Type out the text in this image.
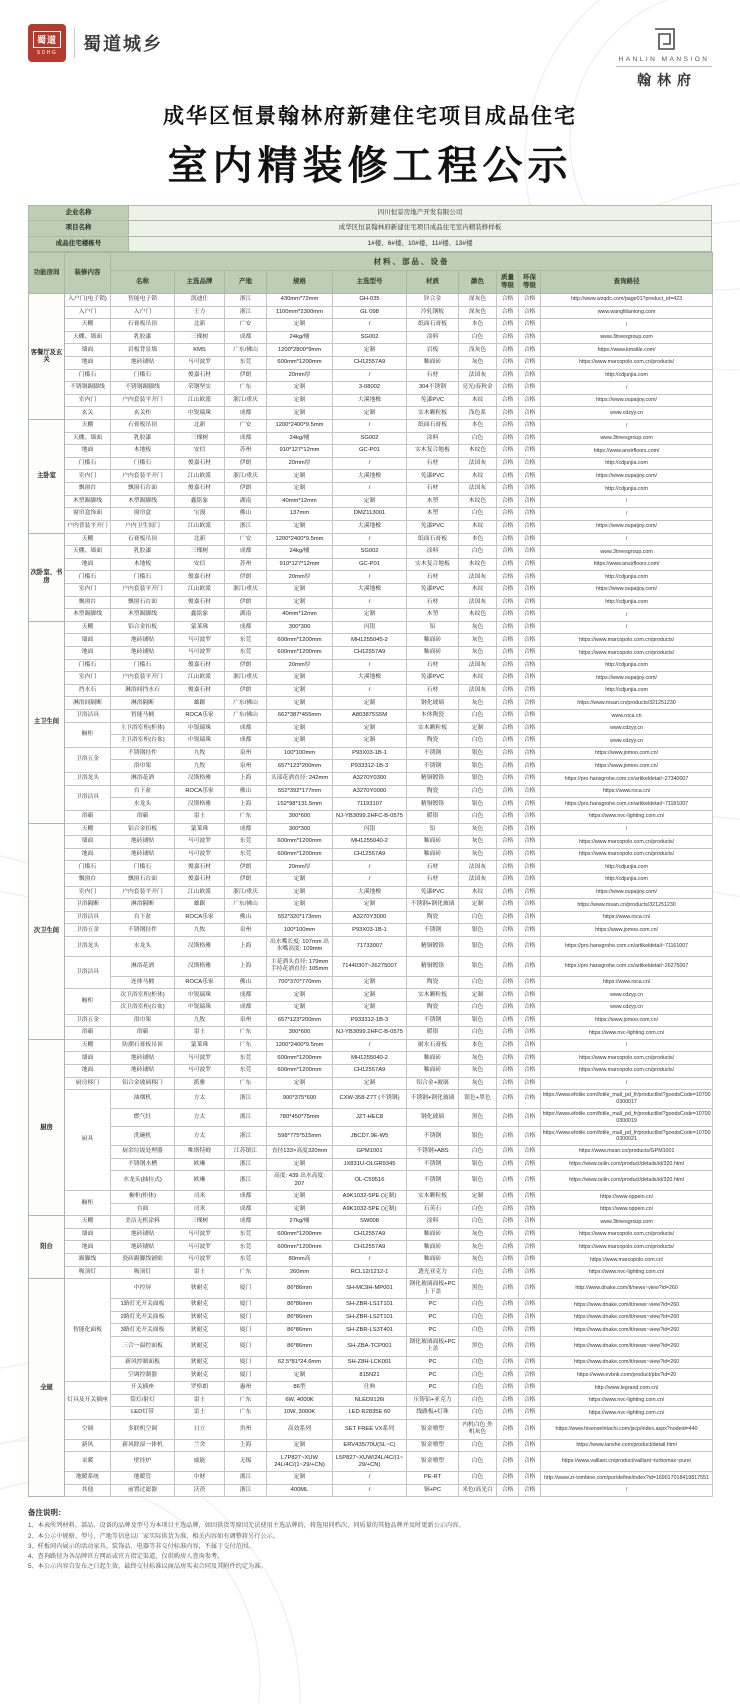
蜀道
SDHG 蜀道城乡
HANLIN MANSION
翰林府
成华区恒景翰林府新建住宅项目成品住宅
室内精装修工程公示
企业名称	四川恒景房地产开发有限公司
项目名称	成华区恒景翰林府新建住宅项目成品住宅室内精装修样板
成品住宅楼栋号	1#楼、6#楼、10#楼、11#楼、13#楼
功能房间	装修内容	材料、部品、设备									
		名称	主选品牌	产地	规格	主选型号	材质	颜色	质量等级	环保等级	查询路径
客餐厅及玄关	入户门(电子锁)	智能电子锁	凯迪仕	浙江	430mm*72mm	GH-035	锌合金	深灰色	合格	合格	http://www.wzqdc.com/page01?product_id=423
	入户门	入户门	王力	浙江	1100mm*2300mm	GL 098	冷轧钢板	深灰色	合格	合格	www.wanglitianlong.com
	天棚	石膏板吊顶	北新	广安	定制	/	纸面石膏板	本色	合格	合格	/
	天棚、墙面	乳胶漆	三棵树	成都	24kg/桶	SG002	涂料	白色	合格	合格	www.3treesgroup.com
	墙面	岩板背景墙	KMS	广东/佛山	1200*2800*9mm	定制	岩板	浅灰色	合格	合格	https://www.kmstile.com/
	地面	地砖铺贴	马可波罗	东莞	600mm*1200mm	CH12557A9	釉面砖	灰色	合格	合格	https://www.marcopolo.com.cn/products/
	门槛石	门槛石	俊嘉石材	伊朗	20mm厚	/	石材	法国灰	合格	合格	http://cdjunjia.com
	不锈钢踢脚线	不锈钢踢脚线	荣钢坚实	广东	定制	3-08002	304不锈钢	亮光/春秋金	合格	合格	/
	室内门	户内套装平开门	江山欧派	浙江/重庆	定制	大溪地橡	免漆PVC	木纹	合格	合格	https://www.oupaijoy.com/
	玄关	玄关柜	中锐瑞珠	成都	定制	定制	实木颗粒板	浅色系	合格	合格	www.cdzyy.cn
主卧室	天棚	石膏板吊顶	北新	广安	1200*2400*9.5mm	/	纸面石膏板	本色	合格	合格	/
	天棚、墙面	乳胶漆	三棵树	成都	24kg/桶	SG002	涂料	白色	合格	合格	www.3treesgroup.com
	地面	木地板	安信	苏州	910*127*12mm	GC-P01	实木复合地板	木纹色	合格	合格	https://www.ansirfloors.com/
	门槛石	门槛石	俊嘉石材	伊朗	20mm厚	/	石材	法国灰	合格	合格	http://cdjunjia.com
	室内门	户内套装平开门	江山欧派	浙江/重庆	定制	大溪地橡	免漆PVC	木纹	合格	合格	https://www.oupaijoy.com/
	飘窗台	飘窗石台面	俊嘉石材	伊朗	定制	/	石材	法国灰	合格	合格	http://cdjunjia.com
	木塑踢脚线	木塑踢脚线	鑫铭象	湖南	40mm*12mm	定制	木塑	木纹色	合格	合格	/
	窗帘盒饰面	窗帘盒	宝漫	佛山	137mm	DMZ113001	木塑	白色	合格	合格	/
	户内普装平开门	户内卫生间门	江山欧派	浙江	定制	大溪地橡	免漆PVC	木纹	合格	合格	https://www.oupaijoy.com/
次卧室、书房	天棚	石膏板吊顶	北新	广安	1200*2400*9.5mm	/	纸面石膏板	本色	合格	合格	/
	天棚、墙面	乳胶漆	三棵树	成都	24kg/桶	SG002	涂料	白色	合格	合格	www.3treesgroup.com
	地面	木地板	安信	苏州	910*127*12mm	GC-P01	实木复合地板	木纹色	合格	合格	https://www.ansirfloors.com/
	门槛石	门槛石	俊嘉石材	伊朗	20mm厚	/	石材	法国灰	合格	合格	http://cdjunjia.com
	室内门	户内套装平开门	江山欧派	浙江/重庆	定制	大溪地橡	免漆PVC	木纹	合格	合格	https://www.oupaijoy.com/
	飘窗台	飘窗石台面	俊嘉石材	伊朗	定制	/	石材	法国灰	合格	合格	http://cdjunjia.com
	木塑踢脚线	木塑踢脚线	鑫铭象	湖南	40mm*12mm	定制	木塑	木纹色	合格	合格	/
主卫生间	天棚	铝合金扣板	蒙莱珠	成都	300*300	闪银	铝	灰色	合格	合格	/
	墙面	地砖铺贴	马可波罗	东莞	600mm*1200mm	MH1255045-2	釉面砖	灰色	合格	合格	https://www.marcopolo.com.cn/products/
	地面	地砖铺贴	马可波罗	东莞	600mm*1200mm	CH12557A9	釉面砖	灰色	合格	合格	https://www.marcopolo.com.cn/products/
	门槛石	门槛石	俊嘉石材	伊朗	20mm厚	/	石材	法国灰	合格	合格	http://cdjunjia.com
	室内门	户内套装平开门	江山欧派	浙江/重庆	定制	大溪地橡	免漆PVC	木纹	合格	合格	https://www.oupaijoy.com/
	挡水石	淋浴间挡水石	俊嘉石材	伊朗	定制	/	石材	法国灰	合格	合格	http://cdjunjia.com
	淋浴间隔断	淋浴隔断	雄踞	广东/佛山	定制	定制	钢化玻璃	灰色	合格	合格	https://www.msan.cn/products/321251230
	卫浴洁具	智能马桶	ROCA乐家	广东/佛山	662*387*455mm	A803875S5M	本体陶瓷	白色	合格	合格	www.roca.cn
	橱柜	主卫浴室柜(柜体)	中锐瑞珠	成都	定制	定制	实木颗粒板	定制	合格	合格	www.cdzyy.cn
		主卫浴室柜(台盆)	中锐瑞珠	成都	定制	定制	陶瓷	白色	合格	合格	www.cdzyy.cn
	卫浴五金	不锈钢挂件	九牧	泉州	100*100mm	P93X03-1B-1	不锈钢	银色	合格	合格	https://www.jomoo.com.cn/
		浴巾架	九牧	泉州	657*123*200mm	P933312-1B-3	不锈钢	银色	合格	合格	https://www.jomoo.com.cn/
	卫浴龙头	淋浴花洒	汉斯格雅	上海	头部花洒直径: 242mm	A3270Y0300	精铜镀铬	银色	合格	合格	https://pro.hansgrohe.com.cn/artikeldetail~27340007
	卫浴洁具	台下盆	ROCA乐家	佛山	552*392*177mm	A3270Y0000	陶瓷	白色	合格	合格	https://www.roca.cn/
		水龙头	汉斯格雅	上海	152*98*131.5mm	71193107	精铜镀铬	银色	合格	合格	https://pro.hansgrohe.com.cn/artikeldetail~71181007
	浴霸	浴霸	雷士	广东	300*600	NJ-YB3099.2HFC-B-0575	暖银	白色	合格	合格	https://www.nvc-lighting.com.cn/
次卫生间	天棚	铝合金扣板	蒙莱珠	成都	300*300	闪银	铝	灰色	合格	合格	/
	墙面	地砖铺贴	马可波罗	东莞	600mm*1200mm	MH1255040-2	釉面砖	灰色	合格	合格	https://www.marcopolo.com.cn/products/
	地面	地砖铺贴	马可波罗	东莞	600mm*1200mm	CH12557A9	釉面砖	灰色	合格	合格	https://www.marcopolo.com.cn/products/
	门槛石	门槛石	俊嘉石材	伊朗	20mm厚	/	石材	法国灰	合格	合格	http://cdjunjia.com
	飘窗台	飘窗石台面	俊嘉石材	伊朗	定制	/	石材	法国灰	合格	合格	http://cdjunjia.com
	室内门	户内套装平开门	江山欧派	浙江/重庆	定制	大溪地橡	免漆PVC	木纹	合格	合格	https://www.oupaijoy.com/
	卫浴隔断	淋浴隔断	雄踞	广东/佛山	定制	定制	不锈钢+钢化玻璃	定制	合格	合格	https://www.msan.cn/products/321251230
	卫浴洁具	台下盆	ROCA乐家	佛山	552*320*173mm	A3270Y3000	陶瓷	白色	合格	合格	https://www.roca.cn/
	卫浴五金	不锈钢挂件	九牧	泉州	100*100mm	P93X03-1B-1	不锈钢	银色	合格	合格	https://www.jomoo.com.cn/
	卫浴龙头	水龙头	汉斯格雅	上海	出水嘴长度: 107mm 出水嘴高度: 109mm	71733007	精铜镀铬	银色	合格	合格	https://pro.hansgrohe.com.cn/artikeldetail~71161007
	卫浴洁具	淋浴花洒	汉斯格雅	上海	主花洒头直径: 179mm 手持花洒直径: 105mm	71440307~26275007	精铜镀铬	银色	合格	合格	https://pro.hansgrohe.com.cn/artikeldetail~26275007
		连体马桶	ROCA乐家	佛山	700*370*770mm	定制	陶瓷	白色	合格	合格	https://www.roca.cn/
	橱柜	次卫浴室柜(柜体)	中锐瑞珠	成都	定制	定制	实木颗粒板	定制	合格	合格	www.cdzyy.cn
		次卫浴室柜(台盆)	中锐瑞珠	成都	定制	定制	陶瓷	白色	合格	合格	www.cdzyy.cn
	卫浴五金	浴巾架	九牧	泉州	657*123*200mm	P933312-1B-3	不锈钢	银色	合格	合格	https://www.jomoo.com.cn/
	浴霸	浴霸	雷士	广东	300*600	NJ-YB3099.2HFC-B-0575	暖银	白色	合格	合格	https://www.nvc-lighting.com.cn/
厨房	天棚	防潮石膏板吊顶	蒙莱珠	广东	1200*2400*9.5mm	/	耐水石膏板	本色	合格	合格	/
	墙面	地砖铺贴	马可波罗	东莞	600mm*1200mm	MH1255040-2	釉面砖	灰色	合格	合格	https://www.marcopolo.com.cn/products/
	地面	地砖铺贴	马可波罗	东莞	600mm*1200mm	CH12557A9	釉面砖	灰色	合格	合格	https://www.marcopolo.com.cn/products/
	厨房移门	铝合金玻璃移门	派雅	广东	定制	定制	铝合金+玻璃	灰色	合格	合格	/
	厨具	油烟机	方太	浙江	900*375*600	CXW-358-Z7T (不锈钢)	不锈钢+钢化玻璃	银色+黑色	合格	合格	https://www.efotile.com/fotile_mall_pd_fr/productlist?goodsCode=107000300017
		燃气灶	方太	浙江	780*450*75mm	JZT-HEC8	钢化玻璃	黑色	合格	合格	https://www.efotile.com/fotile_mall_pd_fr/productlist?goodsCode=107000300019
		洗碗机	方太	浙江	598*775*515mm	JBCD7.9E-W5	不锈钢	银色	合格	合格	https://www.efotile.com/fotile_mall_pd_fr/productlist?goodsCode=107000300021
		厨余垃圾处理器	唯斯特姆	江苏镇江	直径133×高度320mm	GPM1001	不锈钢+ABS	白色	合格	合格	https://www.msan.cn/products/GPM1001
		不锈钢水槽	欧琳	浙江	定制	JX831U-OLGR9345	不锈钢	银色	合格	合格	https://www.oulin.com/product/details/id/320.html
		水龙头(抽拉式)	欧琳	浙江	高度: 439 出水高度: 207	OL-C59516	不锈钢	银色	合格	合格	https://www.oulin.com/product/details/id/320.html
	橱柜	橱柜(柜体)	司米	成都	定制	A9K1032-5PE (定制)	实木颗粒板	定制	合格	合格	https://www.oppein.cn/
		台面	司米	成都	定制	A9K1032-5PE (定制)	石英石	白色	合格	合格	https://www.oppein.cn/
阳台	天棚	美洁无机涂料	三棵树	成都	27kg/桶	SW008	涂料	白色	合格	合格	www.3treesgroup.com
	墙面	地砖铺贴	马可波罗	东莞	600mm*1200mm	CH12557A9	釉面砖	灰色	合格	合格	https://www.marcopolo.com.cn/products/
	地面	地砖铺贴	马可波罗	东莞	600mm*1200mm	CH12557A9	釉面砖	灰色	合格	合格	https://www.marcopolo.com.cn/products/
	踢脚线	瓷砖踢脚线铺贴	马可波罗	东莞	80mm高	/	釉面砖	灰色	合格	合格	https://www.marcopolo.com.cn/
	吸顶灯	吸顶灯	雷士	广东	260mm	RCL12/1212-1	透光亚克力	白色	合格	合格	https://www.nvc-lighting.com.cn/
全屋	智能化面板	中控屏	狄耐克	厦门	86*86mm	SH-MC9H-MP001	钢化玻璃面板+PC上下盖	黑色	合格	合格	http://www.dnake.com/it/news~view?id=260
		1路灯光开关面板	狄耐克	厦门	86*86mm	SH-ZBR-LS1T101	PC	白色	合格	合格	https://www.dnake.com/it/news~view?id=260
		2路灯光开关面板	狄耐克	厦门	86*86mm	SH-ZBR-LS2T101	PC	白色	合格	合格	https://www.dnake.com/it/news~view?id=260
		3路灯光开关面板	狄耐克	厦门	86*86mm	SH-ZBR-LS3T401	PC	白色	合格	合格	https://www.dnake.com/it/news~view?id=260
		三合一温控面板	狄耐克	厦门	86*86mm	SH-ZBA-TCP001	钢化玻璃面板+PC上盖	黑色	合格	合格	https://www.dnake.com/it/news~view?id=260
		新风控制面板	狄耐克	厦门	62.5*81*24.6mm	SH-Z8H-LCK001	PC	白色	合格	合格	https://www.dnake.com/it/news~view?id=260
		空调控制器	狄耐克	厦门	定制	815N21	PC	白色	合格	合格	https://www.evbnk.com/product/pbx?id=20
	灯具及开关插座	开关插座	罗格朗	惠州	86型	仕典	PC	白色	合格	合格	http://www.legrand.com.cn/
		筒灯/射灯	雷士	广东	6W, 4000K	NLED9126i	压铸铝+亚克力	白色	合格	合格	https://www.nvc-lighting.com.cn/
		LED灯带	雷士	广东	10W, 3000K	LED R2835E 60	线路板+灯珠	白色	合格	合格	https://www.nvc-lighting.com.cn/
	空调	多联机空调	日立	贵州	高效系列	SET FREE VX系列	钣金喷塑	内机白色 外机灰色	合格	合格	https://www.hisensehitachi.com/jscp/index.aspx?nodeid=440
	新风	新风除湿一体机	兰舍	上海	定制	ERV435/70U(SL~C)	钣金喷塑	白色	合格	合格	https://www.lanshe.com/product/detail.html
	采暖	壁挂炉	威能	无锡	L7P827~XUW 24L/4C/(1~29/+CN)	L5P827~XUW/24L/4C/(1~29/+CN)	钣金喷塑	白色	合格	合格	https://www.vaillant.cn/product/vaillant~turbomax~pure/
	地暖系统	地暖管	中财	浙江	定制	/	PE-RT	白色	合格	合格	http://www.zr-tombine.com/por/define/index?id=169017018419817551
	其他	前置过滤器	沃茨	浙江	400ML	/	铜+PC	米色/高光白	合格	合格	/
备注说明：
1、本表所列材料、部品、设备的品牌及型号为本项目主选品牌，如因供货等原因无法使用主选品牌的，将选用同档次、同质量的其他品牌并及时更新公示内容。
2、本公示中规格、型号、产地等信息以厂家实际供货为准，相关内容如有调整将另行公示。
3、样板间内展示的活动家具、装饰品、电器等非交付标准内容，不属于交付范围。
4、查询路径为各品牌官方网站或官方指定渠道，仅供购房人查询参考。
5、本公示内容自发布之日起生效，最终交付标准以商品房买卖合同及其附件约定为准。
